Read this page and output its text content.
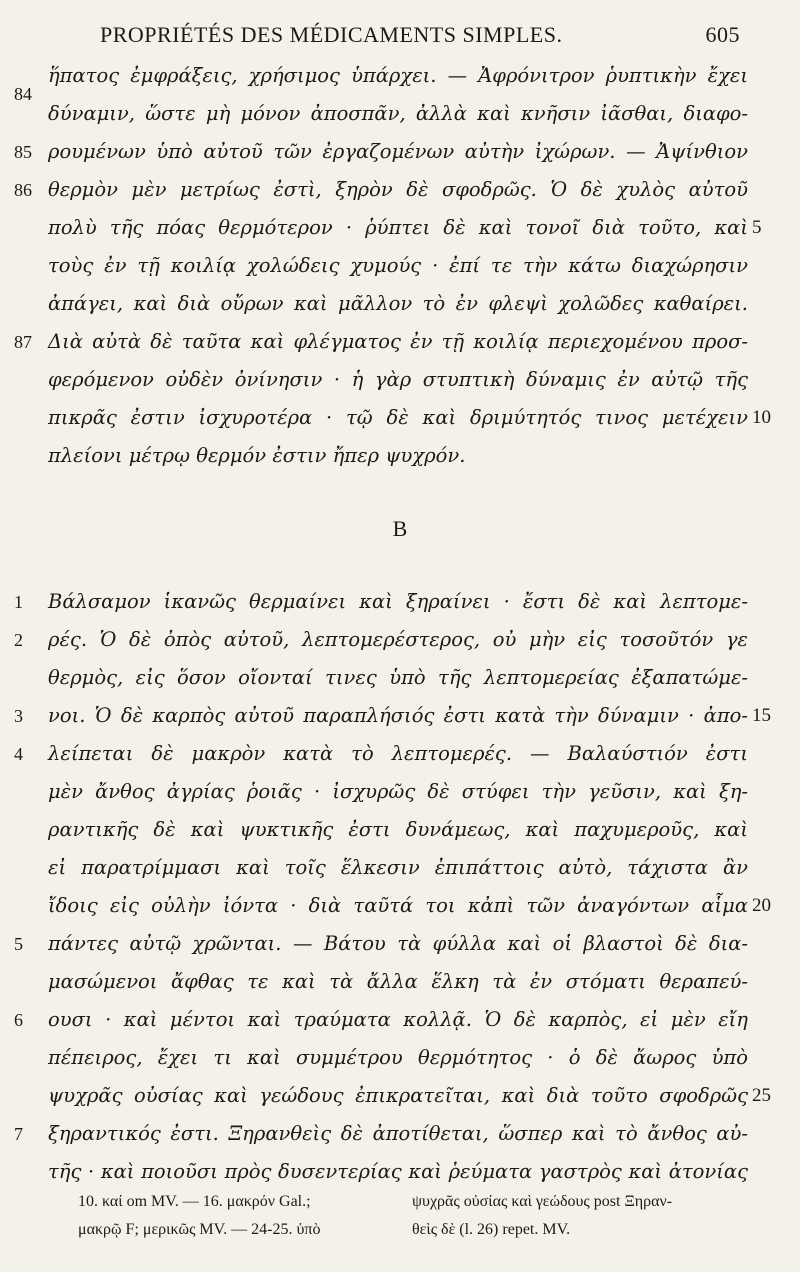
PROPRIÉTÉS DES MÉDICAMENTS SIMPLES.	605
ἥπατος ἐμφράξεις, χρήσιμος ὑπάρχει. — Ἀφρόνιτρον ῥυπτικὴν ἔχει
δύναμιν, ὥστε μὴ μόνον ἀποσπᾶν, ἀλλὰ καὶ κνῆσιν ἰᾶσθαι, διαφο-
ρουμένων ὑπὸ αὐτοῦ τῶν ἐργαζομένων αὐτὴν ἰχώρων. — Ἀψίνθιον
θερμὸν μὲν μετρίως ἐστὶ, ξηρὸν δὲ σφοδρῶς. Ὁ δὲ χυλὸς αὐτοῦ
πολὺ τῆς πόας θερμότερον · ῥύπτει δὲ καὶ τονοῖ διὰ τοῦτο, καὶ
τοὺς ἐν τῇ κοιλίᾳ χολώδεις χυμούς · ἐπί τε τὴν κάτω διαχώρησιν
ἀπάγει, καὶ διὰ οὔρων καὶ μᾶλλον τὸ ἐν φλεψὶ χολῶδες καθαίρει.
Διὰ αὐτὰ δὲ ταῦτα καὶ φλέγματος ἐν τῇ κοιλίᾳ περιεχομένου προσ-
φερόμενον οὐδὲν ὀνίνησιν · ἡ γὰρ στυπτικὴ δύναμις ἐν αὐτῷ τῆς
πικρᾶς ἐστιν ἰσχυροτέρα · τῷ δὲ καὶ δριμύτητός τινος μετέχειν
πλείονι μέτρῳ θερμόν ἐστιν ἤπερ ψυχρόν.
B
Βάλσαμον ἱκανῶς θερμαίνει καὶ ξηραίνει · ἔστι δὲ καὶ λεπτομε-
ρές. Ὁ δὲ ὀπὸς αὐτοῦ, λεπτομερέστερος, οὐ μὴν εἰς τοσοῦτόν γε
θερμὸς, εἰς ὅσον οἴονταί τινες ὑπὸ τῆς λεπτομερείας ἐξαπατώμε-
νοι. Ὁ δὲ καρπὸς αὐτοῦ παραπλήσιός ἐστι κατὰ τὴν δύναμιν · ἀπο-
λείπεται δὲ μακρὸν κατὰ τὸ λεπτομερές. — Βαλαύστιόν ἐστι
μὲν ἄνθος ἀγρίας ῥοιᾶς · ἰσχυρῶς δὲ στύφει τὴν γεῦσιν, καὶ ξη-
ραντικῆς δὲ καὶ ψυκτικῆς ἐστι δυνάμεως, καὶ παχυμεροῦς, καὶ
εἰ παρατρίμμασι καὶ τοῖς ἕλκεσιν ἐπιπάττοις αὐτὸ, τάχιστα ἂν
ἴδοις εἰς οὐλὴν ἰόντα · διὰ ταῦτά τοι κἀπὶ τῶν ἀναγόντων αἷμα
πάντες αὐτῷ χρῶνται. — Βάτου τὰ φύλλα καὶ οἱ βλαστοὶ δὲ δια-
μασώμενοι ἄφθας τε καὶ τὰ ἄλλα ἕλκη τὰ ἐν στόματι θεραπεύ-
ουσι · καὶ μέντοι καὶ τραύματα κολλᾷ. Ὁ δὲ καρπὸς, εἰ μὲν εἴη
πέπειρος, ἔχει τι καὶ συμμέτρου θερμότητος · ὁ δὲ ἄωρος ὑπὸ
ψυχρᾶς οὐσίας καὶ γεώδους ἐπικρατεῖται, καὶ διὰ τοῦτο σφοδρῶς
ξηραντικός ἐστι. Ξηρανθεὶς δὲ ἀποτίθεται, ὥσπερ καὶ τὸ ἄνθος αὐ-
τῆς · καὶ ποιοῦσι πρὸς δυσεντερίας καὶ ῥεύματα γαστρὸς καὶ ἀτονίας
84
85
86
87
1
2
3
4
5
6
7
5
10
15
20
25
10. καί om MV. — 16. μακρόν Gal.;
μακρῷ F; μερικῶς MV. — 24-25. ὑπὸ
ψυχρᾶς οὐσίας καὶ γεώδους post Ξηραν-
θεὶς δὲ (l. 26) repet. MV.
